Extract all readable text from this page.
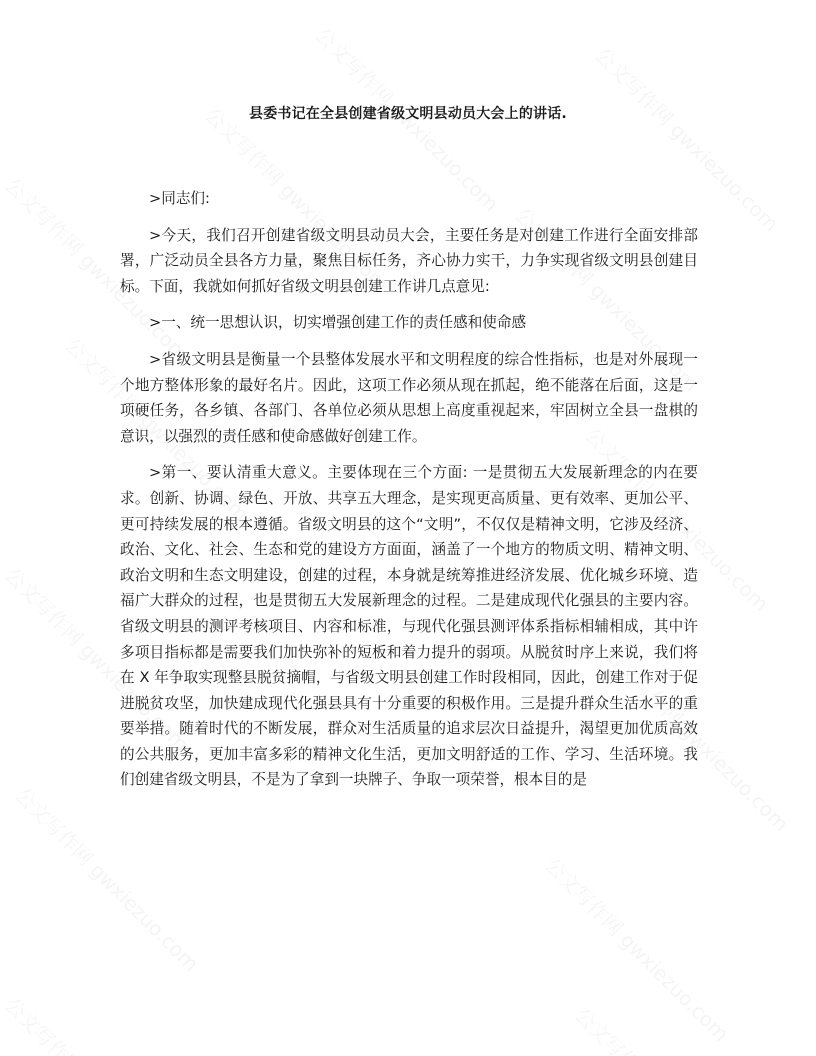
县委书记在全县创建省级文明县动员大会上的讲话.

>同志们:

>今天，我们召开创建省级文明县动员大会，主要任务是对创建工作进行全面安排部署，广泛动员全县各方力量，聚焦目标任务，齐心协力实干，力争实现省级文明县创建目标。下面，我就如何抓好省级文明县创建工作讲几点意见:

>一、统一思想认识，切实增强创建工作的责任感和使命感

>省级文明县是衡量一个县整体发展水平和文明程度的综合性指标，也是对外展现一个地方整体形象的最好名片。因此，这项工作必须从现在抓起，绝不能落在后面，这是一项硬任务，各乡镇、各部门、各单位必须从思想上高度重视起来，牢固树立全县一盘棋的意识，以强烈的责任感和使命感做好创建工作。

>第一、要认清重大意义。主要体现在三个方面: 一是贯彻五大发展新理念的内在要求。创新、协调、绿色、开放、共享五大理念，是实现更高质量、更有效率、更加公平、更可持续发展的根本遵循。省级文明县的这个“文明”，不仅仅是精神文明，它涉及经济、政治、文化、社会、生态和党的建设方方面面，涵盖了一个地方的物质文明、精神文明、政治文明和生态文明建设，创建的过程，本身就是统筹推进经济发展、优化城乡环境、造福广大群众的过程，也是贯彻五大发展新理念的过程。二是建成现代化强县的主要内容。省级文明县的测评考核项目、内容和标准，与现代化强县测评体系指标相辅相成，其中许多项目指标都是需要我们加快弥补的短板和着力提升的弱项。从脱贫时序上来说，我们将在 X 年争取实现整县脱贫摘帽，与省级文明县创建工作时段相同，因此，创建工作对于促进脱贫攻坚，加快建成现代化强县具有十分重要的积极作用。三是提升群众生活水平的重要举措。随着时代的不断发展，群众对生活质量的追求层次日益提升，渴望更加优质高效的公共服务，更加丰富多彩的精神文化生活，更加文明舒适的工作、学习、生活环境。我们创建省级文明县，不是为了拿到一块牌子、争取一项荣誉，根本目的是
